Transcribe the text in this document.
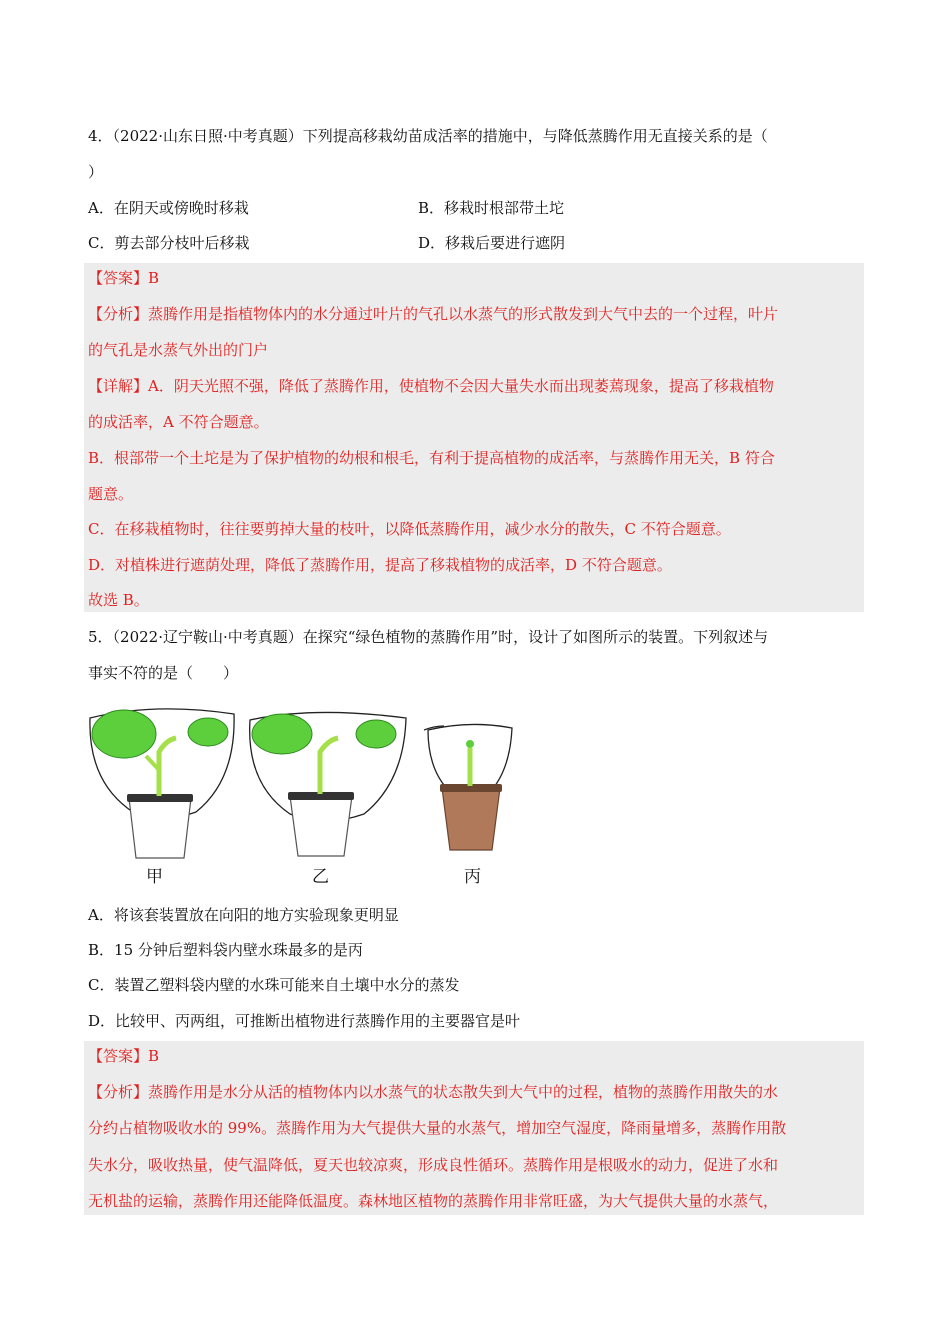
4．（2022·山东日照·中考真题）下列提高移栽幼苗成活率的措施中，与降低蒸腾作用无直接关系的是（
）
A．在阴天或傍晚时移栽	B．移栽时根部带土坨
C．剪去部分枝叶后移栽	D．移栽后要进行遮阴
【答案】B
【分析】蒸腾作用是指植物体内的水分通过叶片的气孔以水蒸气的形式散发到大气中去的一个过程，叶片
的气孔是水蒸气外出的门户
【详解】A．阴天光照不强，降低了蒸腾作用，使植物不会因大量失水而出现萎蔫现象，提高了移栽植物
的成活率，A 不符合题意。
B．根部带一个土坨是为了保护植物的幼根和根毛，有利于提高植物的成活率，与蒸腾作用无关，B 符合
题意。
C．在移栽植物时，往往要剪掉大量的枝叶，以降低蒸腾作用，减少水分的散失，C 不符合题意。
D．对植株进行遮荫处理，降低了蒸腾作用，提高了移栽植物的成活率，D 不符合题意。
故选 B。
5．（2022·辽宁鞍山·中考真题）在探究“绿色植物的蒸腾作用”时，设计了如图所示的装置。下列叙述与
事实不符的是（　　）
甲	乙	丙
A．将该套装置放在向阳的地方实验现象更明显
B．15 分钟后塑料袋内壁水珠最多的是丙
C．装置乙塑料袋内壁的水珠可能来自土壤中水分的蒸发
D．比较甲、丙两组，可推断出植物进行蒸腾作用的主要器官是叶
【答案】B
【分析】蒸腾作用是水分从活的植物体内以水蒸气的状态散失到大气中的过程，植物的蒸腾作用散失的水
分约占植物吸收水的 99%。蒸腾作用为大气提供大量的水蒸气，增加空气湿度，降雨量增多，蒸腾作用散
失水分，吸收热量，使气温降低，夏天也较凉爽，形成良性循环。蒸腾作用是根吸水的动力，促进了水和
无机盐的运输，蒸腾作用还能降低温度。森林地区植物的蒸腾作用非常旺盛，为大气提供大量的水蒸气，
